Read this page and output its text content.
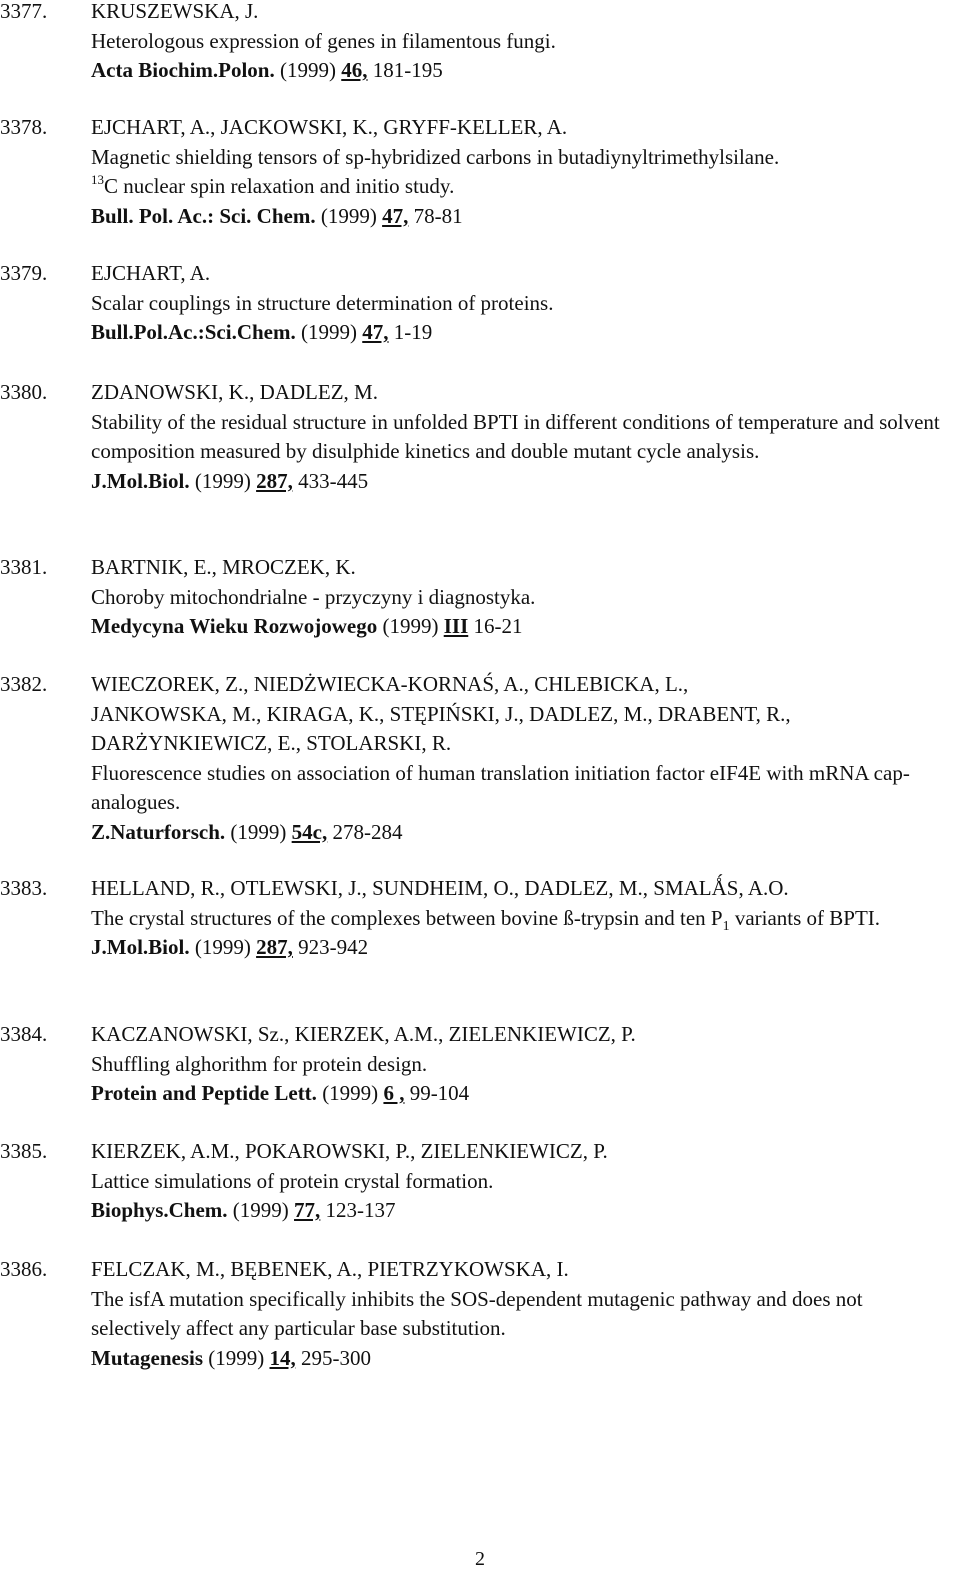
3377.	KRUSZEWSKA, J.
Heterologous expression of genes in filamentous fungi.
Acta Biochim.Polon. (1999) 46, 181-195
3378.	EJCHART, A., JACKOWSKI, K., GRYFF-KELLER, A.
Magnetic shielding tensors of sp-hybridized carbons in butadiynyltrimethylsilane.
$^{13}$C nuclear spin relaxation and initio study.
Bull. Pol. Ac.: Sci. Chem. (1999) 47, 78-81
3379.	EJCHART, A.
Scalar couplings in structure determination of proteins.
Bull.Pol.Ac.:Sci.Chem. (1999) 47, 1-19
3380.	ZDANOWSKI, K., DADLEZ, M.
Stability of the residual structure in unfolded BPTI in different conditions of temperature and solvent composition measured by disulphide kinetics and double mutant cycle analysis.
J.Mol.Biol. (1999) 287, 433-445
3381.	BARTNIK, E., MROCZEK, K.
Choroby mitochondrialne - przyczyny i diagnostyka.
Medycyna Wieku Rozwojowego (1999) III 16-21
3382.	WIECZOREK, Z., NIEDŻWIECKA-KORNAŚ, A., CHLEBICKA, L.,
JANKOWSKA, M., KIRAGA, K., STĘPIŃSKI, J., DADLEZ, M., DRABENT, R.,
DARŻYNKIEWICZ, E., STOLARSKI, R.
Fluorescence studies on association of human translation initiation factor eIF4E with mRNA cap-analogues.
Z.Naturforsch. (1999) 54c, 278-284
3383.	HELLAND, R., OTLEWSKI, J., SUNDHEIM, O., DADLEZ, M., SMALǺS, A.O.
The crystal structures of the complexes between bovine ß-trypsin and ten $P_1$ variants of BPTI.
J.Mol.Biol. (1999) 287, 923-942
3384.	KACZANOWSKI, Sz., KIERZEK, A.M., ZIELENKIEWICZ, P.
Shuffling alghorithm for protein design.
Protein and Peptide Lett. (1999) 6 , 99-104
3385.	KIERZEK, A.M., POKAROWSKI, P., ZIELENKIEWICZ, P.
Lattice simulations of protein crystal formation.
Biophys.Chem. (1999) 77, 123-137
3386.	FELCZAK, M., BĘBENEK, A., PIETRZYKOWSKA, I.
The isfA mutation specifically inhibits the SOS-dependent mutagenic pathway and does not selectively affect any particular base substitution.
Mutagenesis (1999) 14, 295-300
2
